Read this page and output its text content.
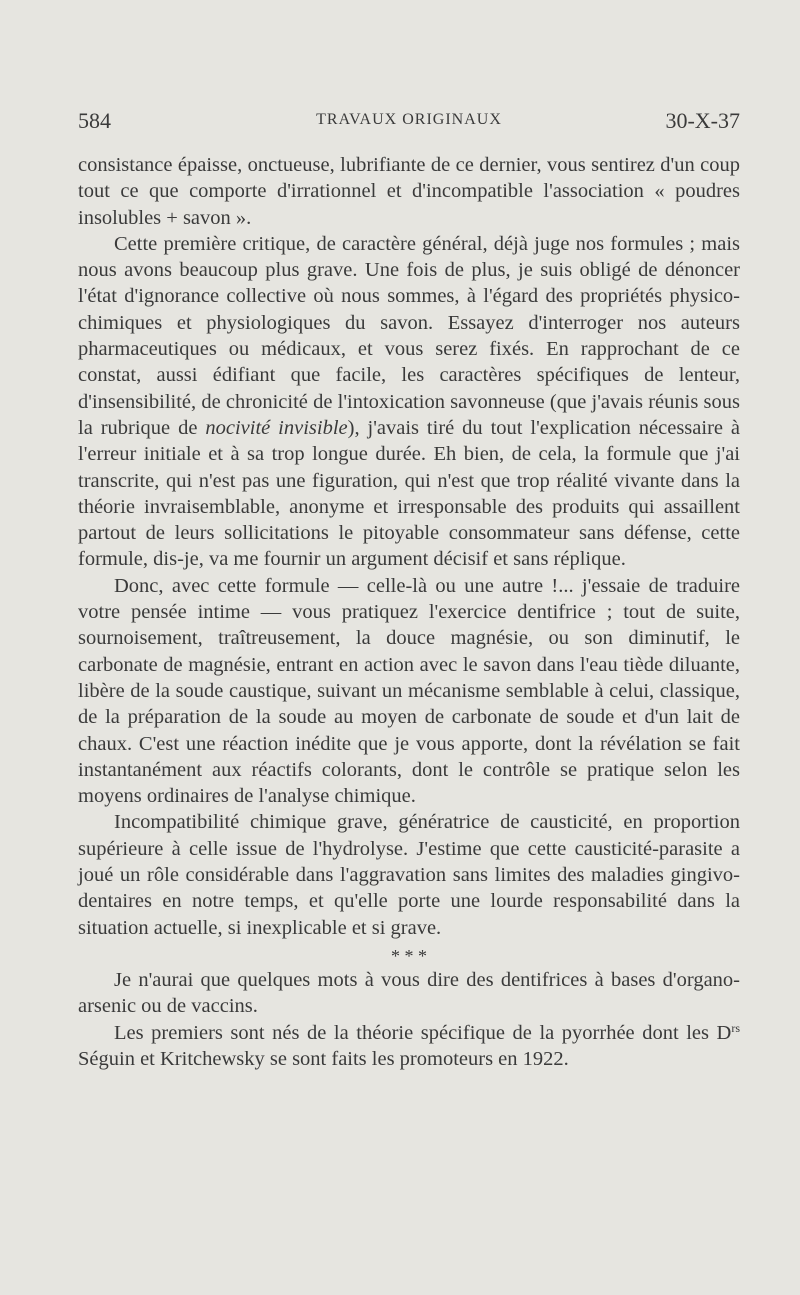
584	TRAVAUX ORIGINAUX	30-X-37

consistance épaisse, onctueuse, lubrifiante de ce dernier, vous sentirez d'un coup tout ce que comporte d'irrationnel et d'incompatible l'association « poudres insolubles + savon ».

Cette première critique, de caractère général, déjà juge nos formules ; mais nous avons beaucoup plus grave. Une fois de plus, je suis obligé de dénoncer l'état d'ignorance collective où nous sommes, à l'égard des propriétés physico-chimiques et physiologiques du savon. Essayez d'interroger nos auteurs pharmaceutiques ou médicaux, et vous serez fixés. En rapprochant de ce constat, aussi édifiant que facile, les caractères spécifiques de lenteur, d'insensibilité, de chronicité de l'intoxication savonneuse (que j'avais réunis sous la rubrique de nocivité invisible), j'avais tiré du tout l'explication nécessaire à l'erreur initiale et à sa trop longue durée. Eh bien, de cela, la formule que j'ai transcrite, qui n'est pas une figuration, qui n'est que trop réalité vivante dans la théorie invraisemblable, anonyme et irresponsable des produits qui assaillent partout de leurs sollicitations le pitoyable consommateur sans défense, cette formule, dis-je, va me fournir un argument décisif et sans réplique.

Donc, avec cette formule — celle-là ou une autre !... j'essaie de traduire votre pensée intime — vous pratiquez l'exercice dentifrice ; tout de suite, sournoisement, traîtreusement, la douce magnésie, ou son diminutif, le carbonate de magnésie, entrant en action avec le savon dans l'eau tiède diluante, libère de la soude caustique, suivant un mécanisme semblable à celui, classique, de la préparation de la soude au moyen de carbonate de soude et d'un lait de chaux. C'est une réaction inédite que je vous apporte, dont la révélation se fait instantanément aux réactifs colorants, dont le contrôle se pratique selon les moyens ordinaires de l'analyse chimique.

Incompatibilité chimique grave, génératrice de causticité, en proportion supérieure à celle issue de l'hydrolyse. J'estime que cette causticité-parasite a joué un rôle considérable dans l'aggravation sans limites des maladies gingivo-dentaires en notre temps, et qu'elle porte une lourde responsabilité dans la situation actuelle, si inexplicable et si grave.

* * *

Je n'aurai que quelques mots à vous dire des dentifrices à bases d'organo-arsenic ou de vaccins.

Les premiers sont nés de la théorie spécifique de la pyorrhée dont les $D^{rs}$ Séguin et Kritchewsky se sont faits les promoteurs en 1922.
